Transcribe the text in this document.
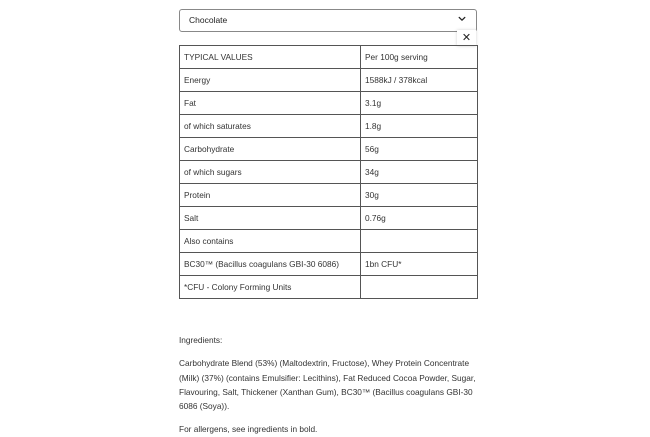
Chocolate
✕
TYPICAL VALUES	Per 100g serving
Energy	1588kJ / 378kcal
Fat	3.1g
of which saturates	1.8g
Carbohydrate	56g
of which sugars	34g
Protein	30g
Salt	0.76g
Also contains	
BC30™ (Bacillus coagulans GBI-30 6086)	1bn CFU*
*CFU - Colony Forming Units	

Ingredients:

Carbohydrate Blend (53%) (Maltodextrin, Fructose), Whey Protein Concentrate (Milk) (37%) (contains Emulsifier: Lecithins), Fat Reduced Cocoa Powder, Sugar, Flavouring, Salt, Thickener (Xanthan Gum), BC30™ (Bacillus coagulans GBI-30 6086 (Soya)).

For allergens, see ingredients in bold.
